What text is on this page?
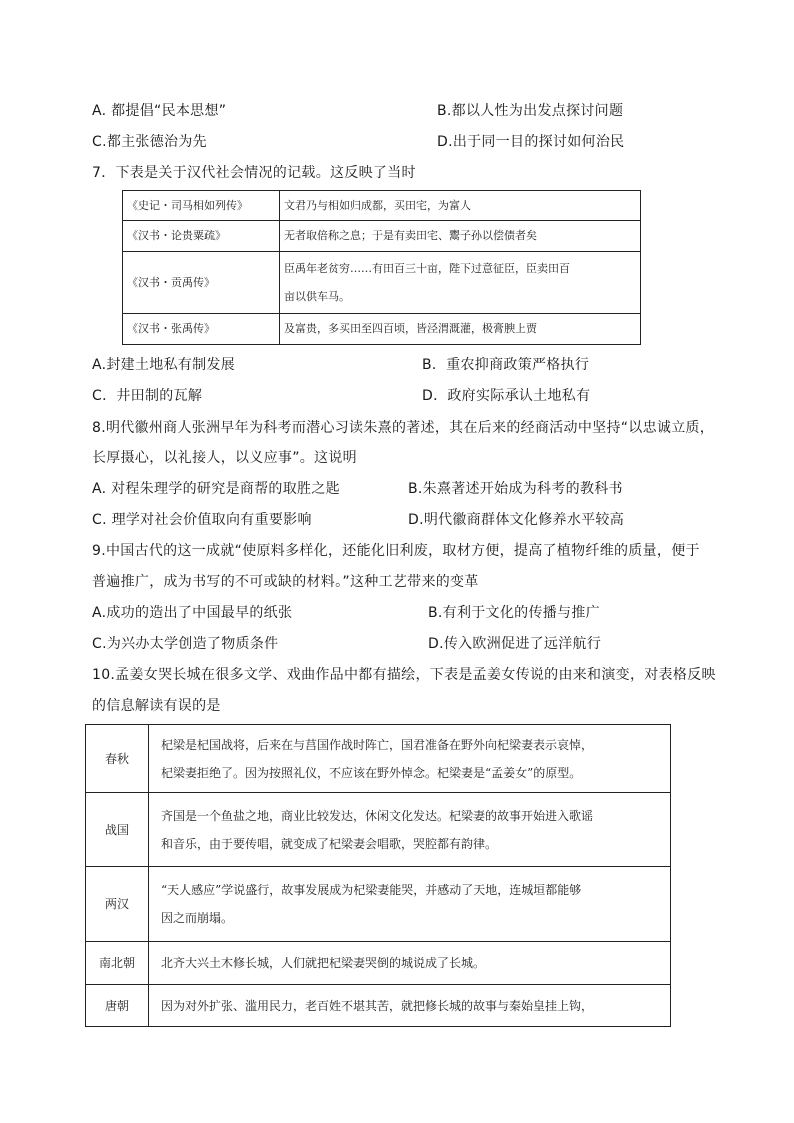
A. 都提倡“民本思想”	B.都以人性为出发点探讨问题
C.都主张德治为先	D.出于同一目的探讨如何治民
7．下表是关于汉代社会情况的记载。这反映了当时
《史记・司马相如列传》	文君乃与相如归成都，买田宅，为富人
《汉书・论贵粟疏》	无者取倍称之息；于是有卖田宅、鬻子孙以偿债者矣
《汉书・贡禹传》	臣禹年老贫穷……有田百三十亩，陛下过意征臣，臣卖田百
亩以供车马。

《汉书・张禹传》	及富贵，多买田至四百顷，皆泾渭溉灌，极膏腴上贾
A.封建土地私有制发展	B．重农抑商政策严格执行
C．井田制的瓦解	D．政府实际承认土地私有
8.明代徽州商人张洲早年为科考而潜心习读朱熹的著述，其在后来的经商活动中坚持“以忠诚立质，
长厚摄心，以礼接人，以义应事”。这说明
A. 对程朱理学的研究是商帮的取胜之匙	B.朱熹著述开始成为科考的教科书
C. 理学对社会价值取向有重要影响	D.明代徽商群体文化修养水平较高
9.中国古代的这一成就“使原料多样化，还能化旧利废，取材方便，提高了植物纤维的质量，便于
普遍推广，成为书写的不可或缺的材料。”这种工艺带来的变革
A.成功的造出了中国最早的纸张	B.有利于文化的传播与推广
C.为兴办太学创造了物质条件	D.传入欧洲促进了远洋航行
10.孟姜女哭长城在很多文学、戏曲作品中都有描绘，下表是孟姜女传说的由来和演变，对表格反映
的信息解读有误的是
春秋	杞梁是杞国战将，后来在与莒国作战时阵亡，国君准备在野外向杞梁妻表示哀悼，
杞梁妻拒绝了。因为按照礼仪，不应该在野外悼念。杞梁妻是“孟姜女”的原型。

战国	齐国是一个鱼盐之地，商业比较发达，休闲文化发达。杞梁妻的故事开始进入歌谣
和音乐，由于要传唱，就变成了杞梁妻会唱歌，哭腔都有韵律。

两汉	“天人感应”学说盛行，故事发展成为杞梁妻能哭，并感动了天地，连城垣都能够
因之而崩塌。

南北朝	北齐大兴土木修长城，人们就把杞梁妻哭倒的城说成了长城。

唐朝	因为对外扩张、滥用民力，老百姓不堪其苦，就把修长城的故事与秦始皇挂上钩，
